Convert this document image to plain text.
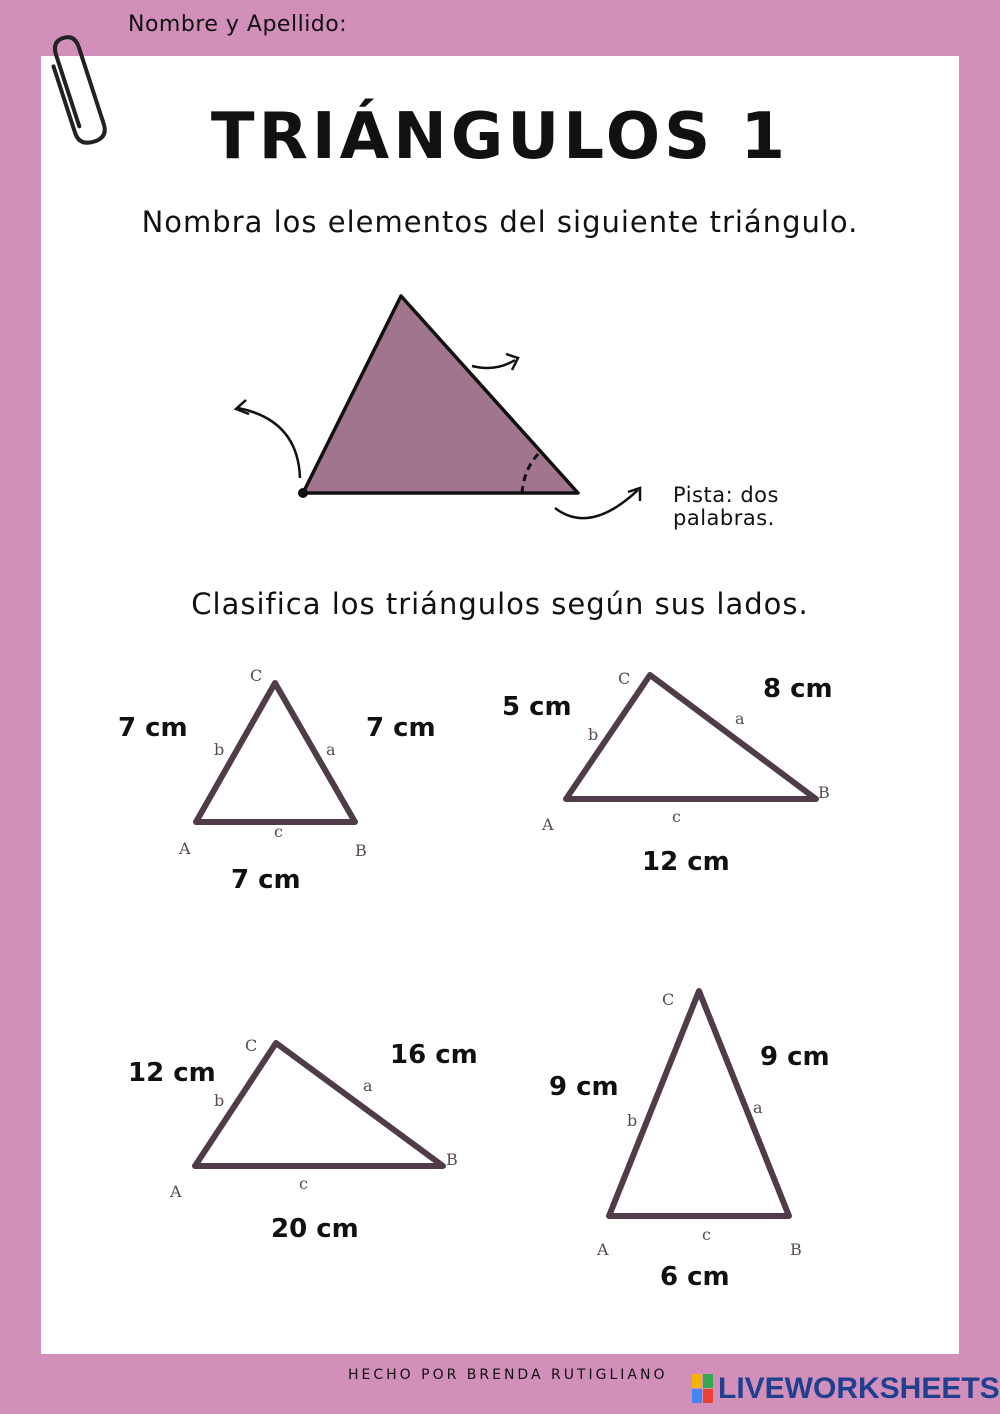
Nombre y Apellido:
TRIÁNGULOS 1
Nombra los elementos del siguiente triángulo.
Pista: dos
palabras.
Clasifica los triángulos según sus lados.
C
A	B
b	a
c
7 cm	7 cm
7 cm
C
A
B
b
a
c
5 cm
8 cm
12 cm
C
A
B
b
a
c
12 cm
16 cm
20 cm
C
A	B
b
a
c
9 cm
9 cm
6 cm
HECHO POR BRENDA RUTIGLIANO LIVEWORKSHEETS
